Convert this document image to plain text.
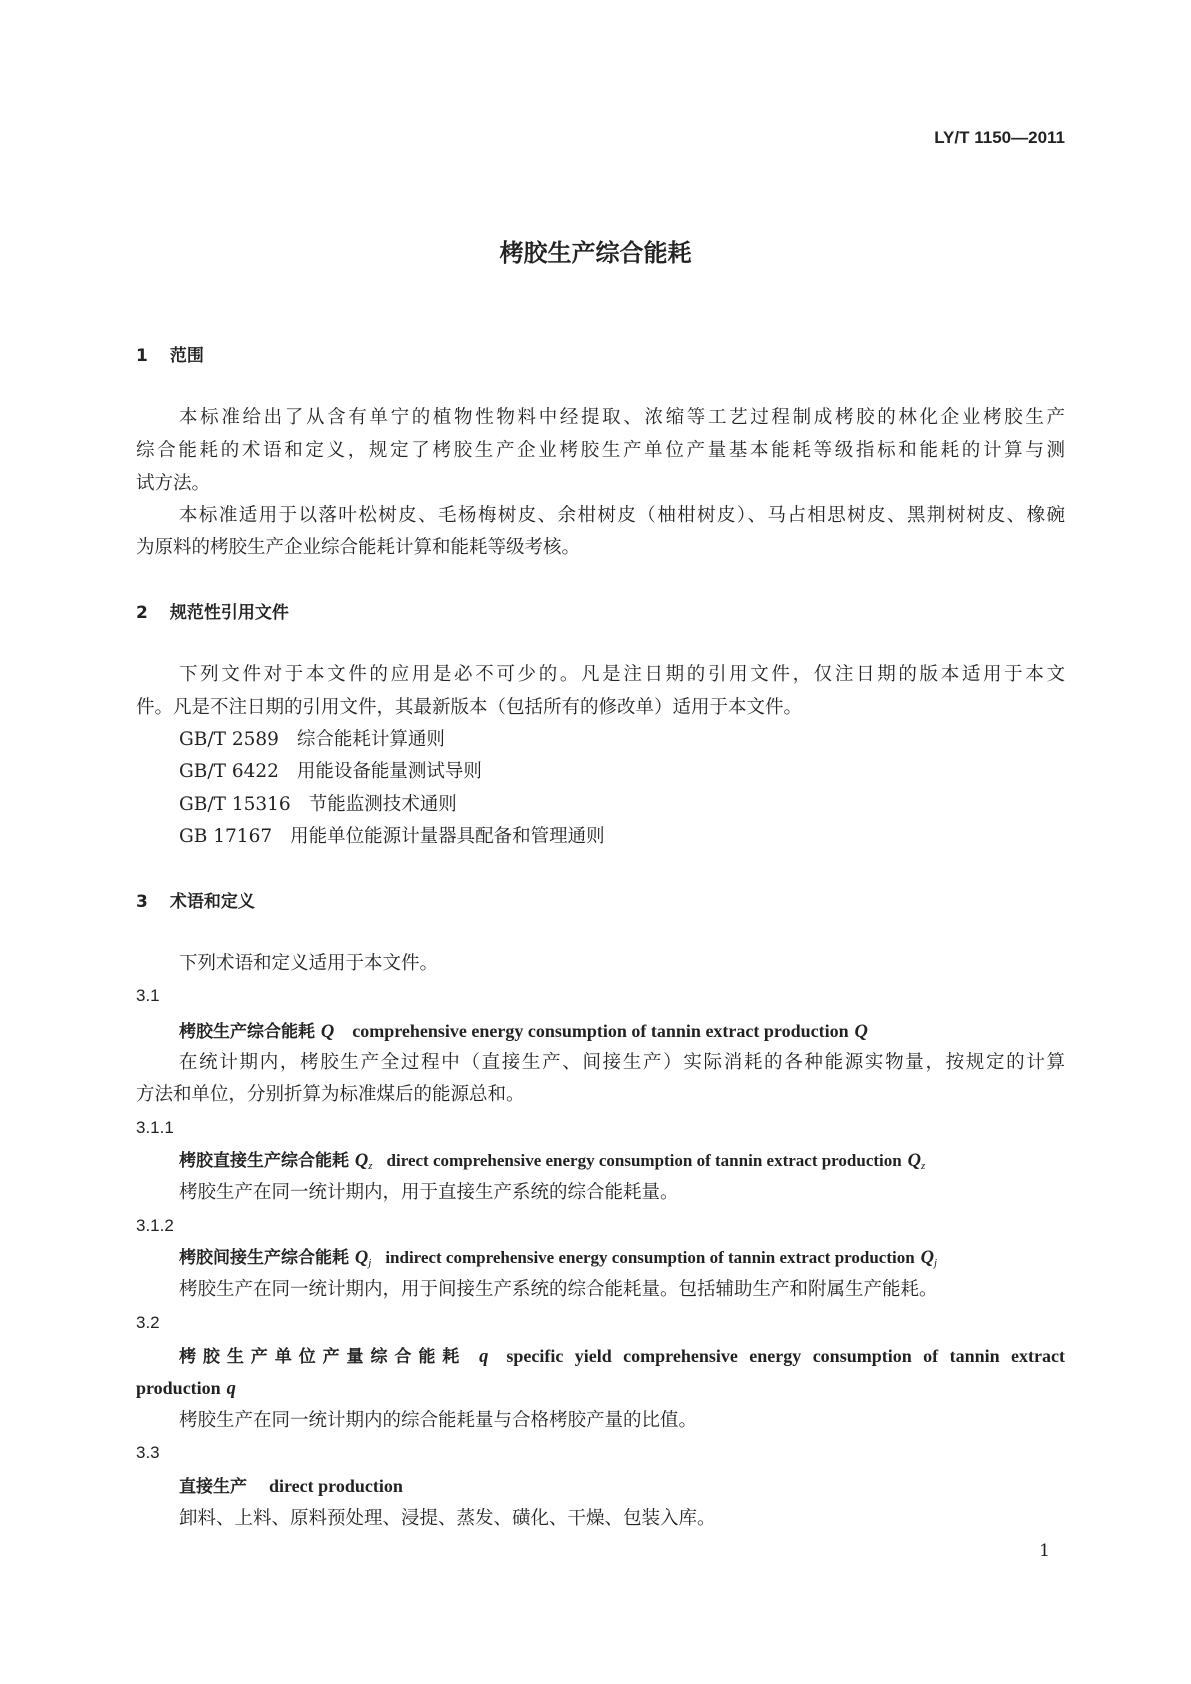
LY/T 1150—2011
栲胶生产综合能耗
1 范围
本标准给出了从含有单宁的植物性物料中经提取、浓缩等工艺过程制成栲胶的林化企业栲胶生产
综合能耗的术语和定义，规定了栲胶生产企业栲胶生产单位产量基本能耗等级指标和能耗的计算与测
试方法。
本标准适用于以落叶松树皮、毛杨梅树皮、余柑树皮（柚柑树皮）、马占相思树皮、黑荆树树皮、橡碗
为原料的栲胶生产企业综合能耗计算和能耗等级考核。
2 规范性引用文件
下列文件对于本文件的应用是必不可少的。凡是注日期的引用文件，仅注日期的版本适用于本文
件。凡是不注日期的引用文件，其最新版本（包括所有的修改单）适用于本文件。
GB/T 2589 综合能耗计算通则
GB/T 6422 用能设备能量测试导则
GB/T 15316 节能监测技术通则
GB 17167 用能单位能源计量器具配备和管理通则
3 术语和定义
下列术语和定义适用于本文件。
3.1
栲胶生产综合能耗 Q comprehensive energy consumption of tannin extract production Q
在统计期内，栲胶生产全过程中（直接生产、间接生产）实际消耗的各种能源实物量，按规定的计算
方法和单位，分别折算为标准煤后的能源总和。
3.1.1
栲胶直接生产综合能耗 $Q_z$ direct comprehensive energy consumption of tannin extract production $Q_z$
栲胶生产在同一统计期内，用于直接生产系统的综合能耗量。
3.1.2
栲胶间接生产综合能耗 $Q_j$ indirect comprehensive energy consumption of tannin extract production $Q_j$
栲胶生产在同一统计期内，用于间接生产系统的综合能耗量。包括辅助生产和附属生产能耗。
3.2
栲胶生产单位产量综合能耗 q specific yield comprehensive energy consumption of tannin extract
production q
栲胶生产在同一统计期内的综合能耗量与合格栲胶产量的比值。
3.3
直接生产 direct production
卸料、上料、原料预处理、浸提、蒸发、磺化、干燥、包装入库。
1
